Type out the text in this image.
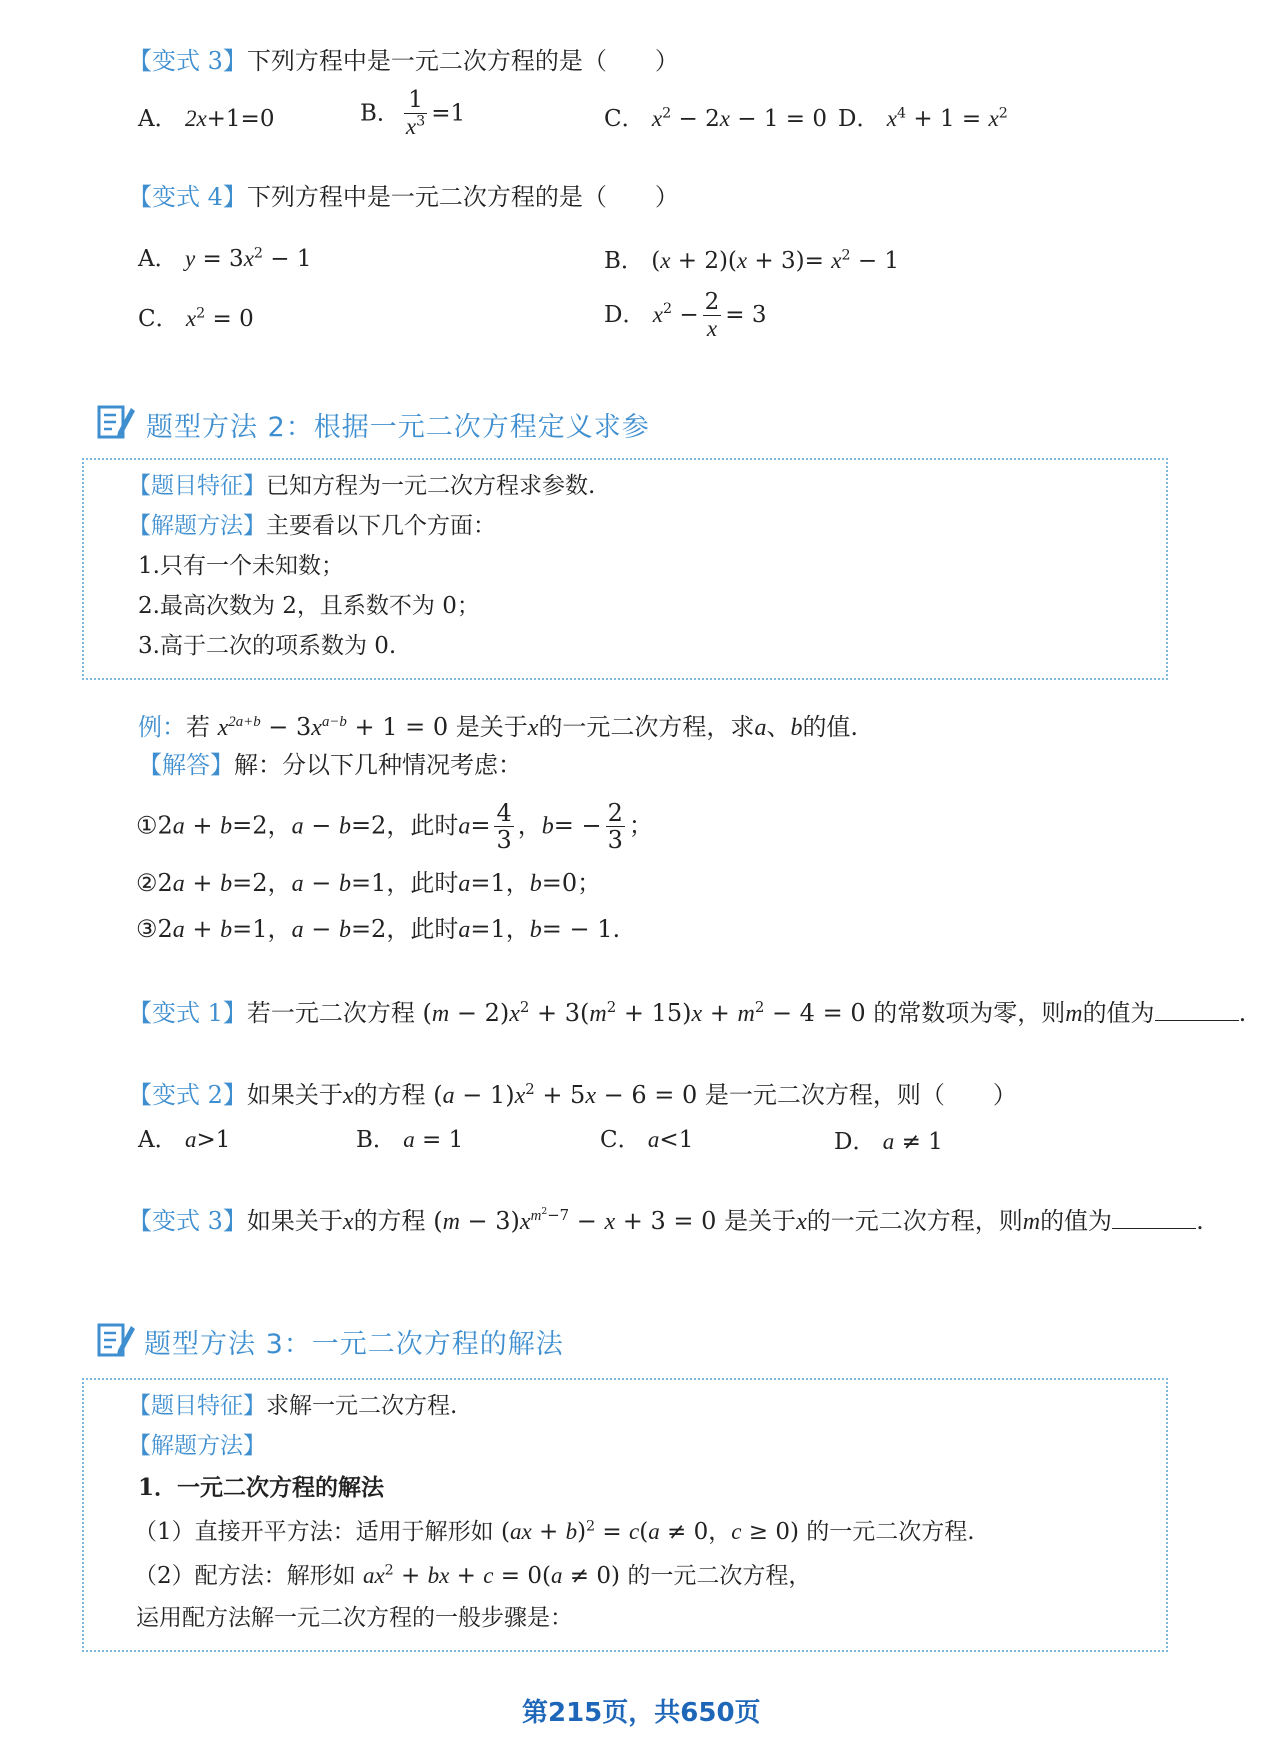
【变式 3】下列方程中是一元二次方程的是（　　）
A． 2x+1=0	B． $\frac{1}{x^3} =1$	C． $x^2 - 2x - 1 = 0$ D． $x^4 + 1 = x^2$
【变式 4】下列方程中是一元二次方程的是（　　）
A． $y = 3x^2 - 1$	B． $(x + 2)(x + 3)= x^2 - 1$
C． $x^2 = 0$	D． $x^2 - \frac{2}{x} = 3$
题型方法 2：根据一元二次方程定义求参
【题目特征】已知方程为一元二次方程求参数.
【解题方法】主要看以下几个方面：
1.只有一个未知数；
2.最高次数为 2，且系数不为 0；
3.高于二次的项系数为 0.
例：若 $x^{2a+b} - 3x^{a-b} + 1 = 0$ 是关于x的一元二次方程，求a、b的值.
【解答】解：分以下几种情况考虑：
①2a + b=2，a − b=2，此时$a= \frac{4}{3}$ ，$b= - \frac{2}{3}$ ；
②2a + b=2，a − b=1，此时a=1，b=0；
③2a + b=1，a − b=2，此时a=1，b= − 1.
【变式 1】若一元二次方程 $(m - 2)x^2 + 3(m^2 + 15)x + m^2 - 4 = 0$ 的常数项为零，则m的值为	.
【变式 2】如果关于x的方程 $(a - 1)x^2 + 5x - 6 = 0$ 是一元二次方程，则（　　）
A． a>1	B． a = 1	C． a<1	D． a ≠ 1
【变式 3】如果关于x的方程 $(m - 3)x^{m^2-7} - x + 3 = 0$ 是关于x的一元二次方程，则m的值为	.
题型方法 3：一元二次方程的解法
【题目特征】求解一元二次方程.
【解题方法】
1．一元二次方程的解法
（1）直接开平方法：适用于解形如 (ax + b)$^2$ = c(a ≠ 0，c ≥ 0) 的一元二次方程.
（2）配方法：解形如 $ax^2$ + bx + c = 0(a ≠ 0) 的一元二次方程，
运用配方法解一元二次方程的一般步骤是：
第215页，共650页
